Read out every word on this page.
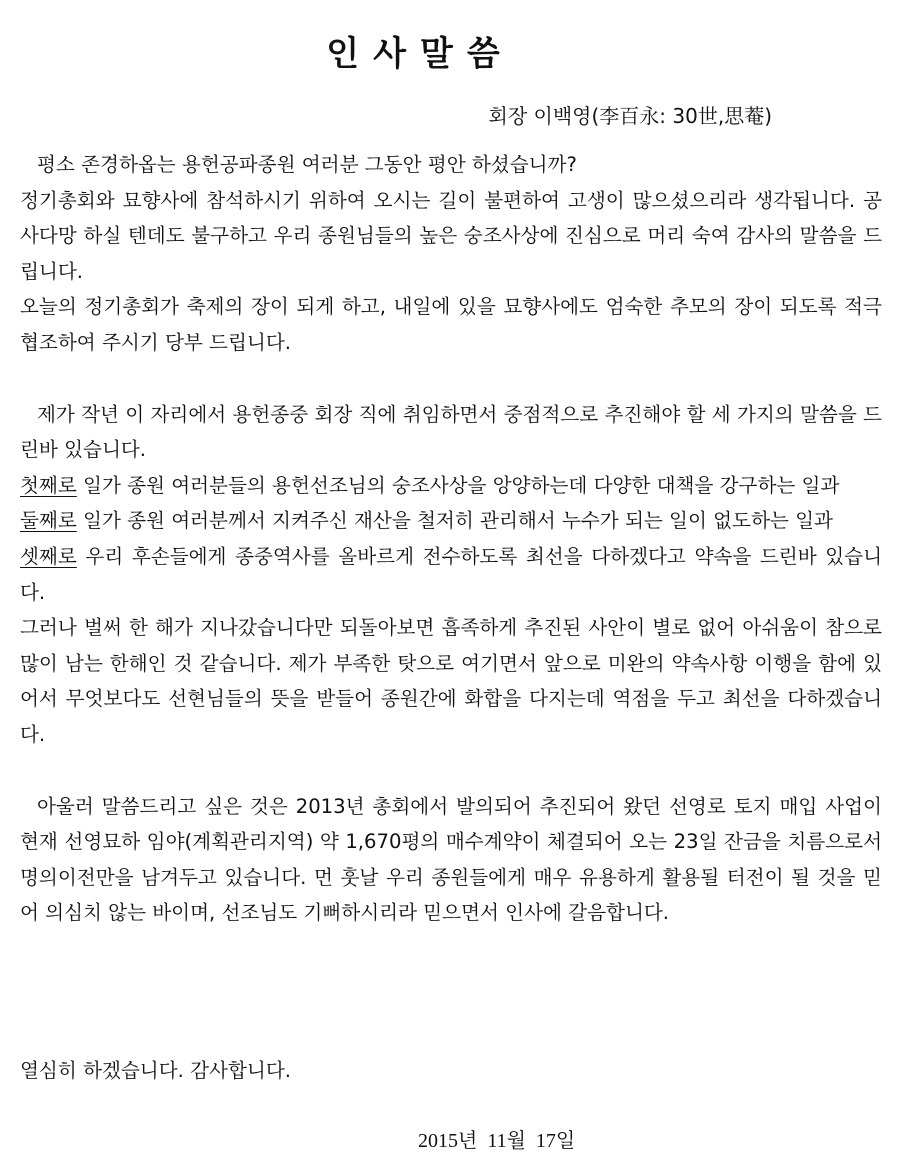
인사말씀
회장 이백영(李百永: 30世,思菴)

평소 존경하옵는 용헌공파종원 여러분 그동안 평안 하셨습니까?

정기총회와 묘향사에 참석하시기 위하여 오시는 길이 불편하여 고생이 많으셨으리라 생각됩니다. 공사다망 하실 텐데도 불구하고 우리 종원님들의 높은 숭조사상에 진심으로 머리 숙여 감사의 말씀을 드립니다.

오늘의 정기총회가 축제의 장이 되게 하고, 내일에 있을 묘향사에도 엄숙한 추모의 장이 되도록 적극 협조하여 주시기 당부 드립니다.

제가 작년 이 자리에서 용헌종중 회장 직에 취임하면서 중점적으로 추진해야 할 세 가지의 말씀을 드린바 있습니다.

첫째로 일가 종원 여러분들의 용헌선조님의 숭조사상을 앙양하는데 다양한 대책을 강구하는 일과

둘째로 일가 종원 여러분께서 지켜주신 재산을 철저히 관리해서 누수가 되는 일이 없도하는 일과

셋째로 우리 후손들에게 종중역사를 올바르게 전수하도록 최선을 다하겠다고 약속을 드린바 있습니다.

그러나 벌써 한 해가 지나갔습니다만 되돌아보면 흡족하게 추진된 사안이 별로 없어 아쉬움이 참으로 많이 남는 한해인 것 같습니다. 제가 부족한 탓으로 여기면서 앞으로 미완의 약속사항 이행을 함에 있어서 무엇보다도 선현님들의 뜻을 받들어 종원간에 화합을 다지는데 역점을 두고 최선을 다하겠습니다.

아울러 말씀드리고 싶은 것은 2013년 총회에서 발의되어 추진되어 왔던 선영로 토지 매입 사업이 현재 선영묘하 임야(계획관리지역) 약 1,670평의 매수계약이 체결되어 오는 23일 잔금을 치름으로서 명의이전만을 남겨두고 있습니다. 먼 훗날 우리 종원들에게 매우 유용하게 활용될 터전이 될 것을 믿어 의심치 않는 바이며, 선조님도 기뻐하시리라 믿으면서 인사에 갈음합니다.

열심히 하겠습니다. 감사합니다.
2015년  11월  17일
